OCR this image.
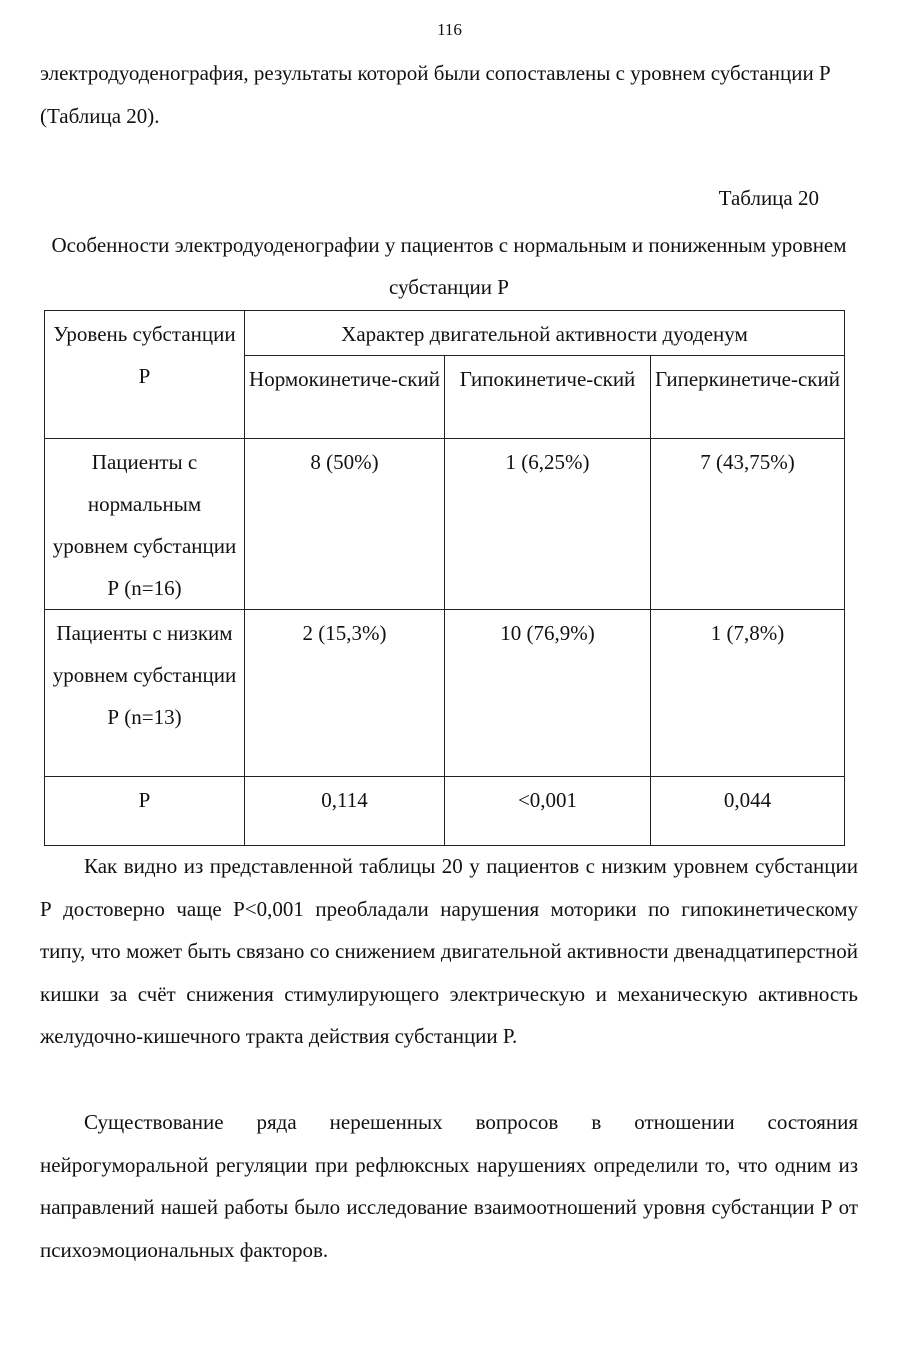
116

электродуоденография, результаты которой были сопоставлены с уровнем субстанции Р (Таблица 20).

Таблица 20

Особенности электродуоденографии у пациентов с нормальным и пониженным уровнем субстанции Р

Уровень субстанции Р	Характер двигательной активности дуоденум		
	Нормокинетиче-ский	Гипокинетиче-ский	Гиперкинетиче-ский
Пациенты с нормальным уровнем субстанции Р (n=16)	8 (50%)	1 (6,25%)	7 (43,75%)
Пациенты с низким уровнем субстанции Р (n=13)	2 (15,3%)	10 (76,9%)	1 (7,8%)
P	0,114	<0,001	0,044

Как видно из представленной таблицы 20 у пациентов с низким уровнем субстанции Р достоверно чаще Р<0,001 преобладали нарушения моторики по гипокинетическому типу, что может быть связано со снижением двигательной активности двенадцатиперстной кишки за счёт снижения стимулирующего электрическую и механическую активность желудочно-кишечного тракта действия субстанции Р.

Существование ряда нерешенных вопросов в отношении состояния нейрогуморальной регуляции при рефлюксных нарушениях определили то, что одним из направлений нашей работы было исследование взаимоотношений уровня субстанции Р от психоэмоциональных факторов.
